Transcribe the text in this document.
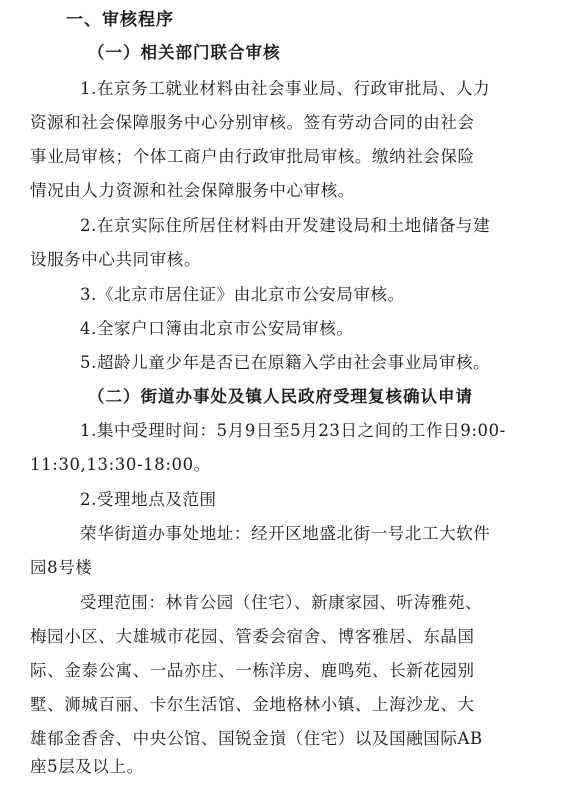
一、审核程序
（一）相关部门联合审核
1.在京务工就业材料由社会事业局、行政审批局、人力
资源和社会保障服务中心分别审核。签有劳动合同的由社会
事业局审核；个体工商户由行政审批局审核。缴纳社会保险
情况由人力资源和社会保障服务中心审核。
2.在京实际住所居住材料由开发建设局和土地储备与建
设服务中心共同审核。
3.《北京市居住证》由北京市公安局审核。
4.全家户口簿由北京市公安局审核。
5.超龄儿童少年是否已在原籍入学由社会事业局审核。
（二）街道办事处及镇人民政府受理复核确认申请
1.集中受理时间：5月9日至5月23日之间的工作日9:00-
11:30,13:30-18:00。
2.受理地点及范围
荣华街道办事处地址：经开区地盛北街一号北工大软件
园8号楼
受理范围：林肯公园（住宅）、新康家园、听涛雅苑、
梅园小区、大雄城市花园、管委会宿舍、博客雅居、东晶国
际、金泰公寓、一品亦庄、一栋洋房、鹿鸣苑、长新花园别
墅、浉城百丽、卡尔生活馆、金地格林小镇、上海沙龙、大
雄郁金香舍、中央公馆、国锐金嵿（住宅）以及国融国际AB
座5层及以上。
